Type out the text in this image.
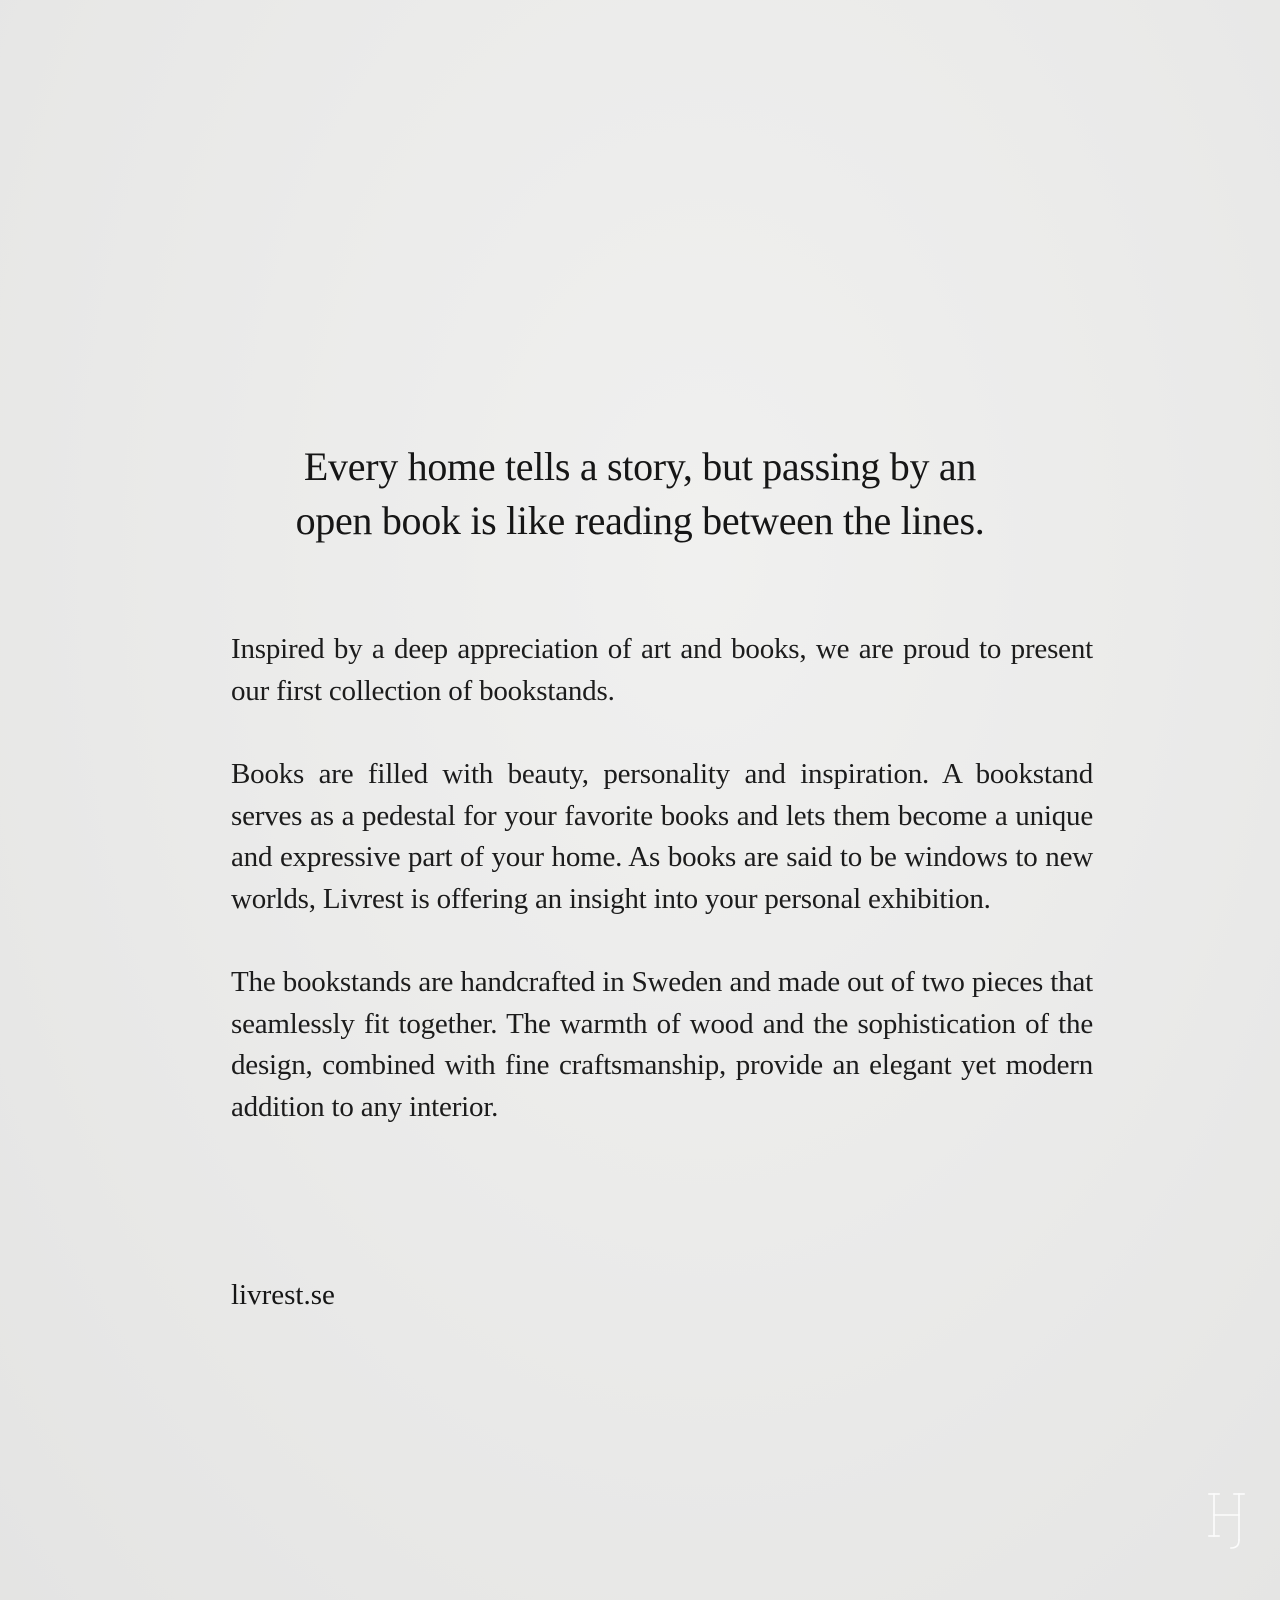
Every home tells a story, but passing by an
open book is like reading between the lines.

Inspired by a deep appreciation of art and books, we are proud to present our first collection of bookstands.

Books are filled with beauty, personality and inspiration. A bookstand serves as a pedestal for your favorite books and lets them become a unique and expressive part of your home. As books are said to be windows to new worlds, Livrest is offering an insight into your personal exhibition.

The bookstands are handcrafted in Sweden and made out of two pieces that seamlessly fit together. The warmth of wood and the sophistication of the design, combined with fine craftsmanship, provide an elegant yet modern addition to any interior.

livrest.se
